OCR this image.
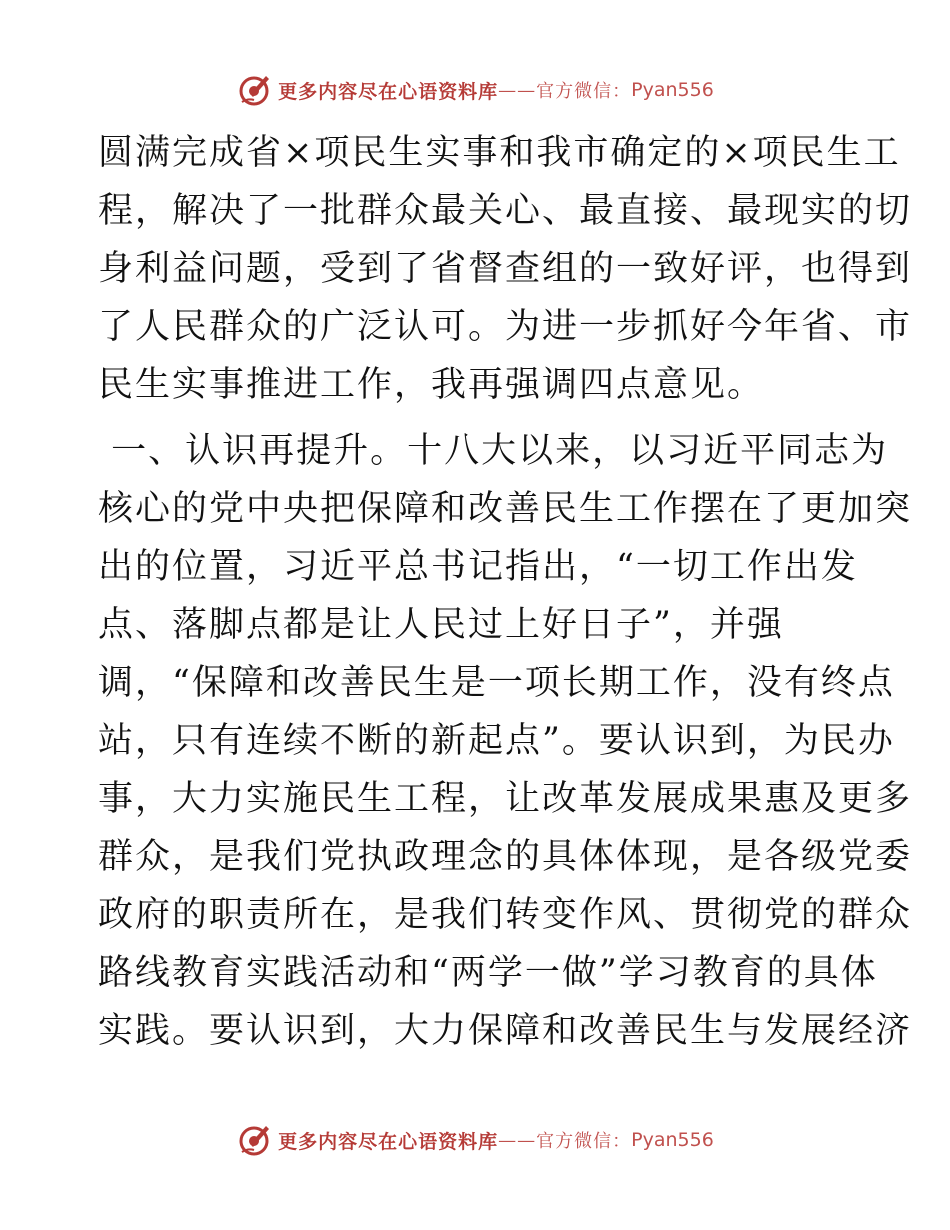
更多内容尽在心语资料库 —— 官方微信： Pyan556
圆满完成省×项民生实事和我市确定的×项民生工
程，解决了一批群众最关心、最直接、最现实的切
身利益问题，受到了省督查组的一致好评，也得到
了人民群众的广泛认可。为进一步抓好今年省、市
民生实事推进工作，我再强调四点意见。
一、认识再提升。十八大以来，以习近平同志为
核心的党中央把保障和改善民生工作摆在了更加突
出的位置，习近平总书记指出，“一切工作出发
点、落脚点都是让人民过上好日子”，并强
调，“保障和改善民生是一项长期工作，没有终点
站，只有连续不断的新起点”。要认识到，为民办
事，大力实施民生工程，让改革发展成果惠及更多
群众，是我们党执政理念的具体体现，是各级党委
政府的职责所在，是我们转变作风、贯彻党的群众
路线教育实践活动和“两学一做”学习教育的具体
实践。要认识到，大力保障和改善民生与发展经济
更多内容尽在心语资料库 —— 官方微信： Pyan556
